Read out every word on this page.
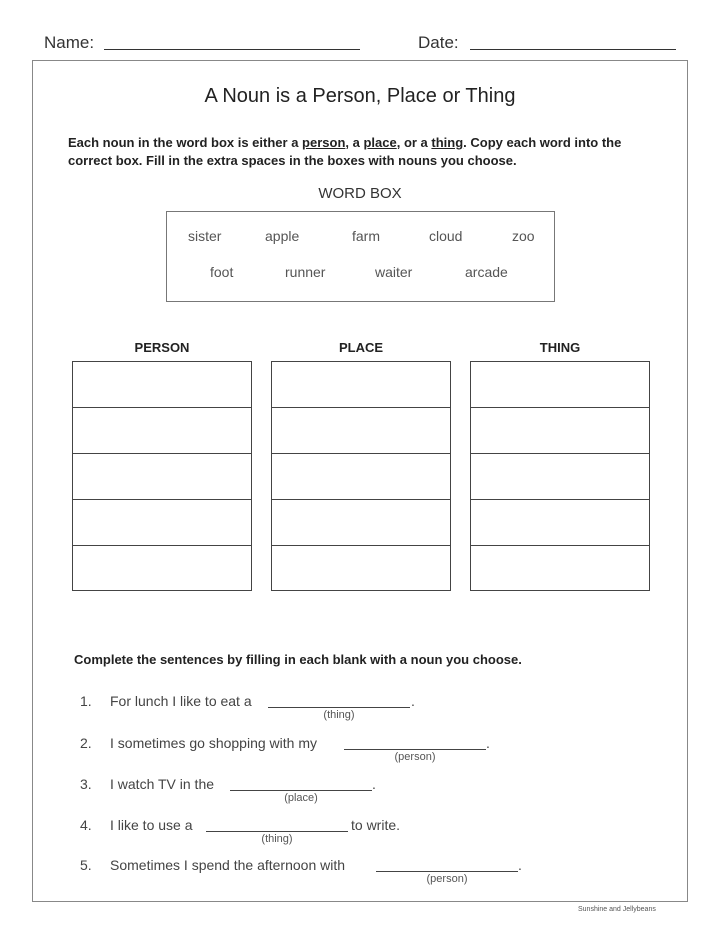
Name:	Date:
A Noun is a Person, Place or Thing
Each noun in the word box is either a person, a place, or a thing. Copy each word into the correct box. Fill in the extra spaces in the boxes with nouns you choose.
WORD BOX
sister	apple	farm	cloud	zoo
foot	runner	waiter	arcade
PERSON	PLACE	THING
Complete the sentences by filling in each blank with a noun you choose.
1. For lunch I like to eat a	.
(thing)
2. I sometimes go shopping with my	.
(person)
3. I watch TV in the	.
(place)
4. I like to use a	to write.
(thing)
5. Sometimes I spend the afternoon with	.
(person)
Sunshine and Jellybeans
